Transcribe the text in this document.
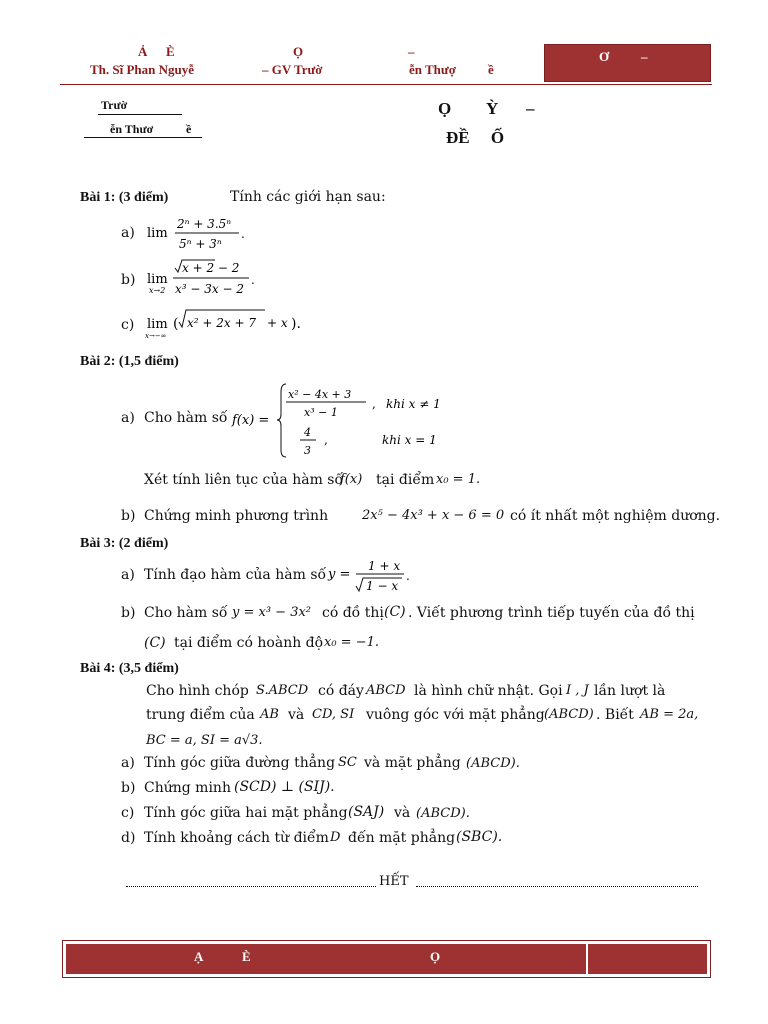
Ả È	Ọ	–
Th. Sĩ Phan Nguyễ	– GV Trườ	ễn Thượ ề
Ơ –
Trườ
ễn Thươ	ề
Ọ Ỳ –
ĐỀ     Ố
Bài 1: (3 điểm)	Tính các giới hạn sau:
a) lim
2ⁿ + 3.5ⁿ
5ⁿ + 3ⁿ
.
b) lim
x→2
x + 2 − 2
x³ − 3x − 2
.
c) lim
x→−∞
( x² + 2x + 7 + x ).
Bài 2: (1,5 điểm)
a) Cho hàm số f(x) =
x² − 4x + 3
x³ − 1
, khi x ≠ 1
4
3
,	khi x = 1
Xét tính liên tục của hàm số
f(x) tại điểm x₀ = 1.
b) Chứng minh phương trình	2x⁵ − 4x³ + x − 6 = 0 có ít nhất một nghiệm dương.
Bài 3: (2 điểm)
a) Tính đạo hàm của hàm số y =
1 + x
1 − x
.
b) Cho hàm số y = x³ − 3x² có đồ thị (C) . Viết phương trình tiếp tuyến của đồ thị
(C) tại điểm có hoành độ x₀ = −1.
Bài 4: (3,5 điểm)
Cho hình chóp S.ABCD có đáy ABCD là hình chữ nhật. Gọi I , J lần lượt là
trung điểm của AB và CD, SI vuông góc với mặt phẳng (ABCD) . Biết AB = 2a,
BC = a, SI = a√3.
a) Tính góc giữa đường thẳng SC và mặt phẳng (ABCD).
b) Chứng minh (SCD) ⊥ (SIJ).
c) Tính góc giữa hai mặt phẳng (SAJ) và (ABCD).
d) Tính khoảng cách từ điểm D đến mặt phẳng (SBC).
HẾT
Ạ	È	Ọ
